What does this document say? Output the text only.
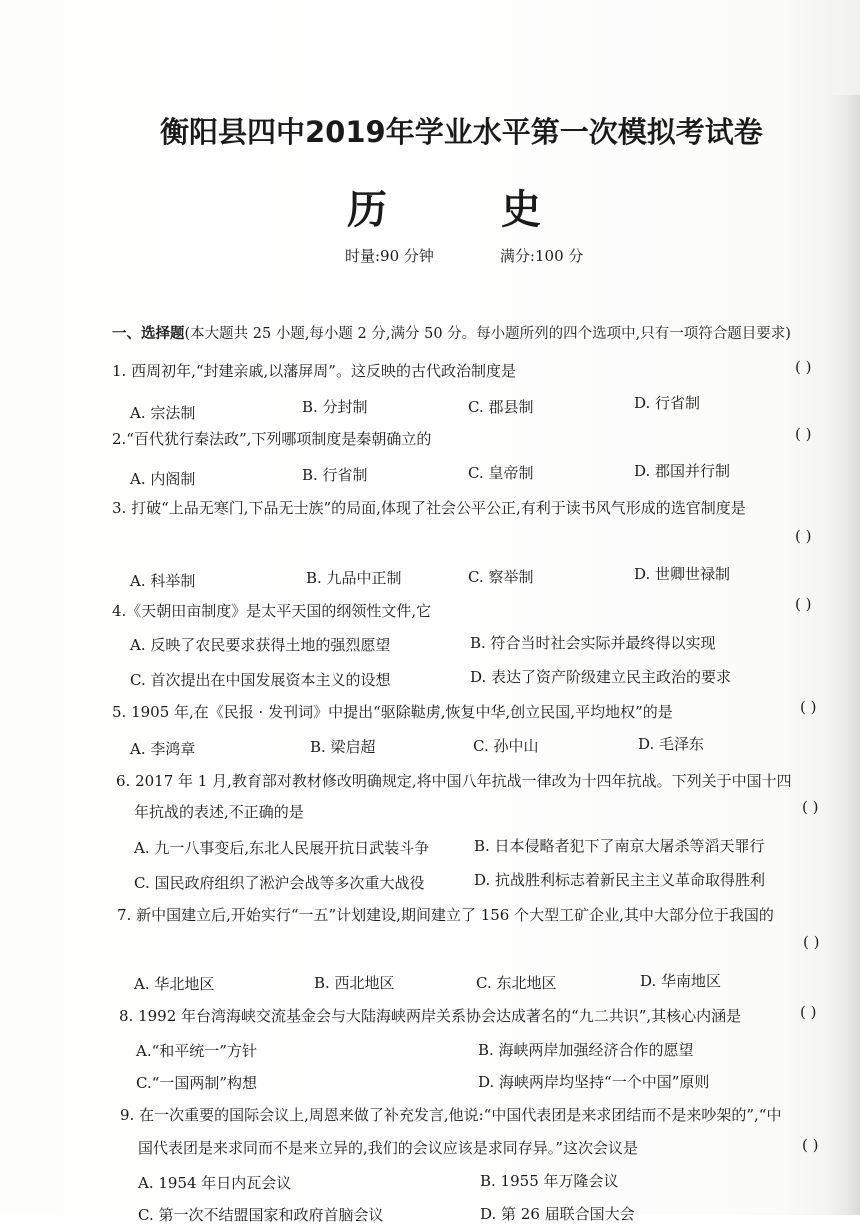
衡阳县四中2019年学业水平第一次模拟考试卷
历 史
时量:90 分钟	满分:100 分
一、选择题(本大题共 25 小题,每小题 2 分,满分 50 分。每小题所列的四个选项中,只有一项符合题目要求)
1. 西周初年,“封建亲戚,以藩屏周”。这反映的古代政治制度是	( )
A. 宗法制	B. 分封制	C. 郡县制	D. 行省制
2.“百代犹行秦法政”,下列哪项制度是秦朝确立的	( )
A. 内阁制	B. 行省制	C. 皇帝制	D. 郡国并行制
3. 打破“上品无寒门,下品无士族”的局面,体现了社会公平公正,有利于读书风气形成的选官制度是
( )
A. 科举制	B. 九品中正制	C. 察举制	D. 世卿世禄制
4.《天朝田亩制度》是太平天国的纲领性文件,它	( )
A. 反映了农民要求获得土地的强烈愿望	B. 符合当时社会实际并最终得以实现
C. 首次提出在中国发展资本主义的设想	D. 表达了资产阶级建立民主政治的要求
5. 1905 年,在《民报 · 发刊词》中提出“驱除鞑虏,恢复中华,创立民国,平均地权”的是	( )
A. 李鸿章	B. 梁启超	C. 孙中山	D. 毛泽东
6. 2017 年 1 月,教育部对教材修改明确规定,将中国八年抗战一律改为十四年抗战。下列关于中国十四
年抗战的表述,不正确的是	( )
A. 九一八事变后,东北人民展开抗日武装斗争	B. 日本侵略者犯下了南京大屠杀等滔天罪行
C. 国民政府组织了淞沪会战等多次重大战役	D. 抗战胜利标志着新民主主义革命取得胜利
7. 新中国建立后,开始实行“一五”计划建设,期间建立了 156 个大型工矿企业,其中大部分位于我国的
( )
A. 华北地区	B. 西北地区	C. 东北地区	D. 华南地区
8. 1992 年台湾海峡交流基金会与大陆海峡两岸关系协会达成著名的“九二共识”,其核心内涵是	( )
A.“和平统一”方针	B. 海峡两岸加强经济合作的愿望
C.“一国两制”构想	D. 海峡两岸均坚持“一个中国”原则
9. 在一次重要的国际会议上,周恩来做了补充发言,他说:“中国代表团是来求团结而不是来吵架的”,“中
国代表团是来求同而不是来立异的,我们的会议应该是求同存异。”这次会议是	( )
A. 1954 年日内瓦会议	B. 1955 年万隆会议
C. 第一次不结盟国家和政府首脑会议	D. 第 26 届联合国大会
